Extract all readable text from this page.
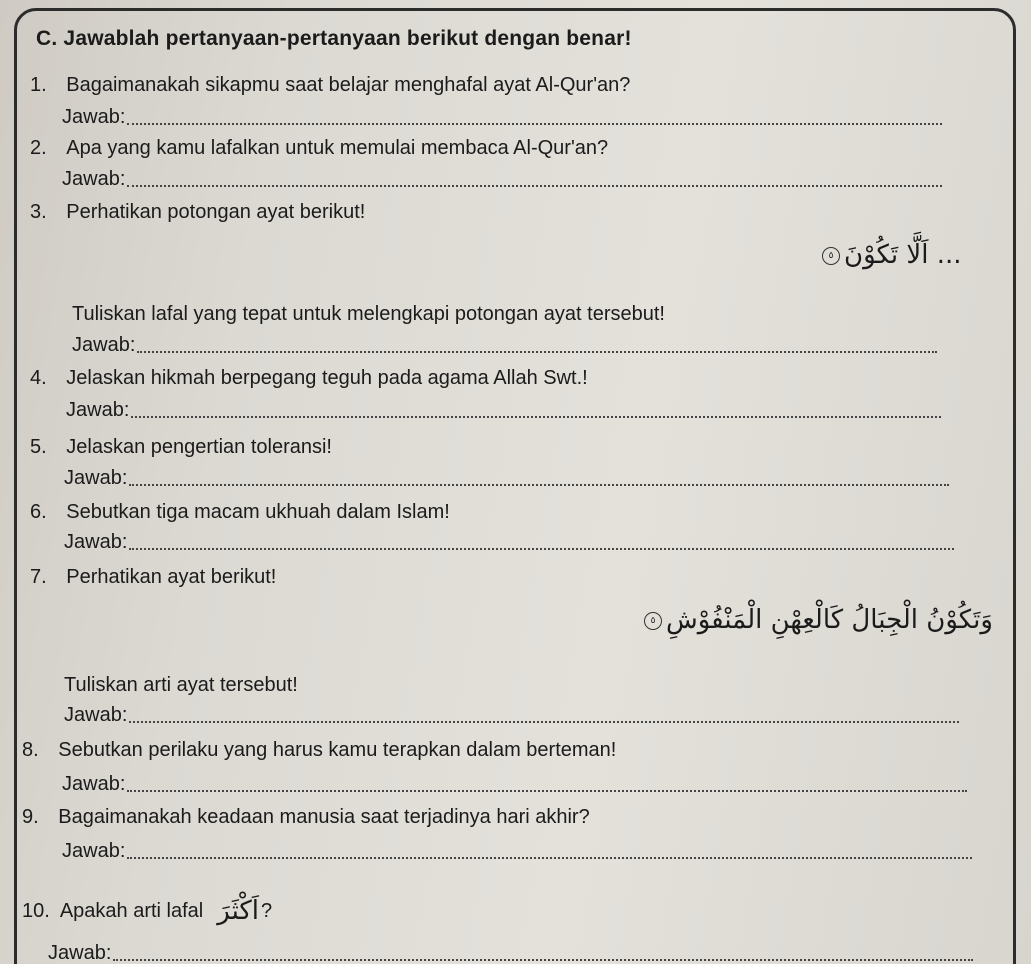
C. Jawablah pertanyaan-pertanyaan berikut dengan benar!
1. Bagaimanakah sikapmu saat belajar menghafal ayat Al-Qur'an?
Jawab:
2. Apa yang kamu lafalkan untuk memulai membaca Al-Qur'an?
Jawab:
3. Perhatikan potongan ayat berikut!
... اَلَّا تَكُوْنَ٥
Tuliskan lafal yang tepat untuk melengkapi potongan ayat tersebut!
Jawab:
4. Jelaskan hikmah berpegang teguh pada agama Allah Swt.!
Jawab:
5. Jelaskan pengertian toleransi!
Jawab:
6. Sebutkan tiga macam ukhuah dalam Islam!
Jawab:
7. Perhatikan ayat berikut!
وَتَكُوْنُ الْجِبَالُ كَالْعِهْنِ الْمَنْفُوْشِ٥
Tuliskan arti ayat tersebut!
Jawab:
8. Sebutkan perilaku yang harus kamu terapkan dalam berteman!
Jawab:
9. Bagaimanakah keadaan manusia saat terjadinya hari akhir?
Jawab:
10. Apakah arti lafal اَكْثَرَ ?
Jawab:
